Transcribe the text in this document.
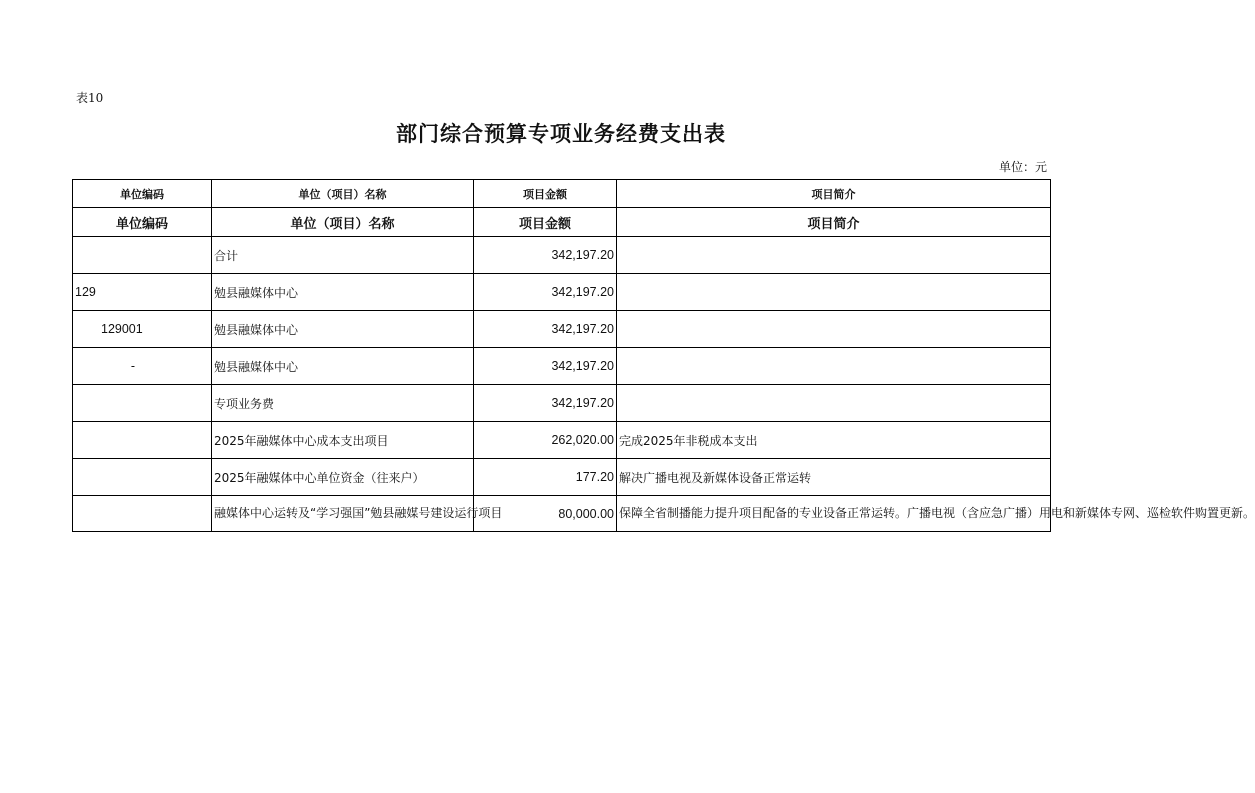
表10
部门综合预算专项业务经费支出表
单位：元
单位编码	单位（项目）名称	项目金额	项目简介
单位编码	单位（项目）名称	项目金额	项目简介
	合计	342,197.20	
129	勉县融媒体中心	342,197.20	
129001	勉县融媒体中心	342,197.20	
-	勉县融媒体中心	342,197.20	
	专项业务费	342,197.20	
	2025年融媒体中心成本支出项目	262,020.00	完成2025年非税成本支出
	2025年融媒体中心单位资金（往来户）	177.20	解决广播电视及新媒体设备正常运转
	融媒体中心运转及“学习强国”勉县融媒号建设运行项目	80,000.00	保障全省制播能力提升项目配备的专业设备正常运转。广播电视（含应急广播）用电和新媒体专网、巡检软件购置更新。
